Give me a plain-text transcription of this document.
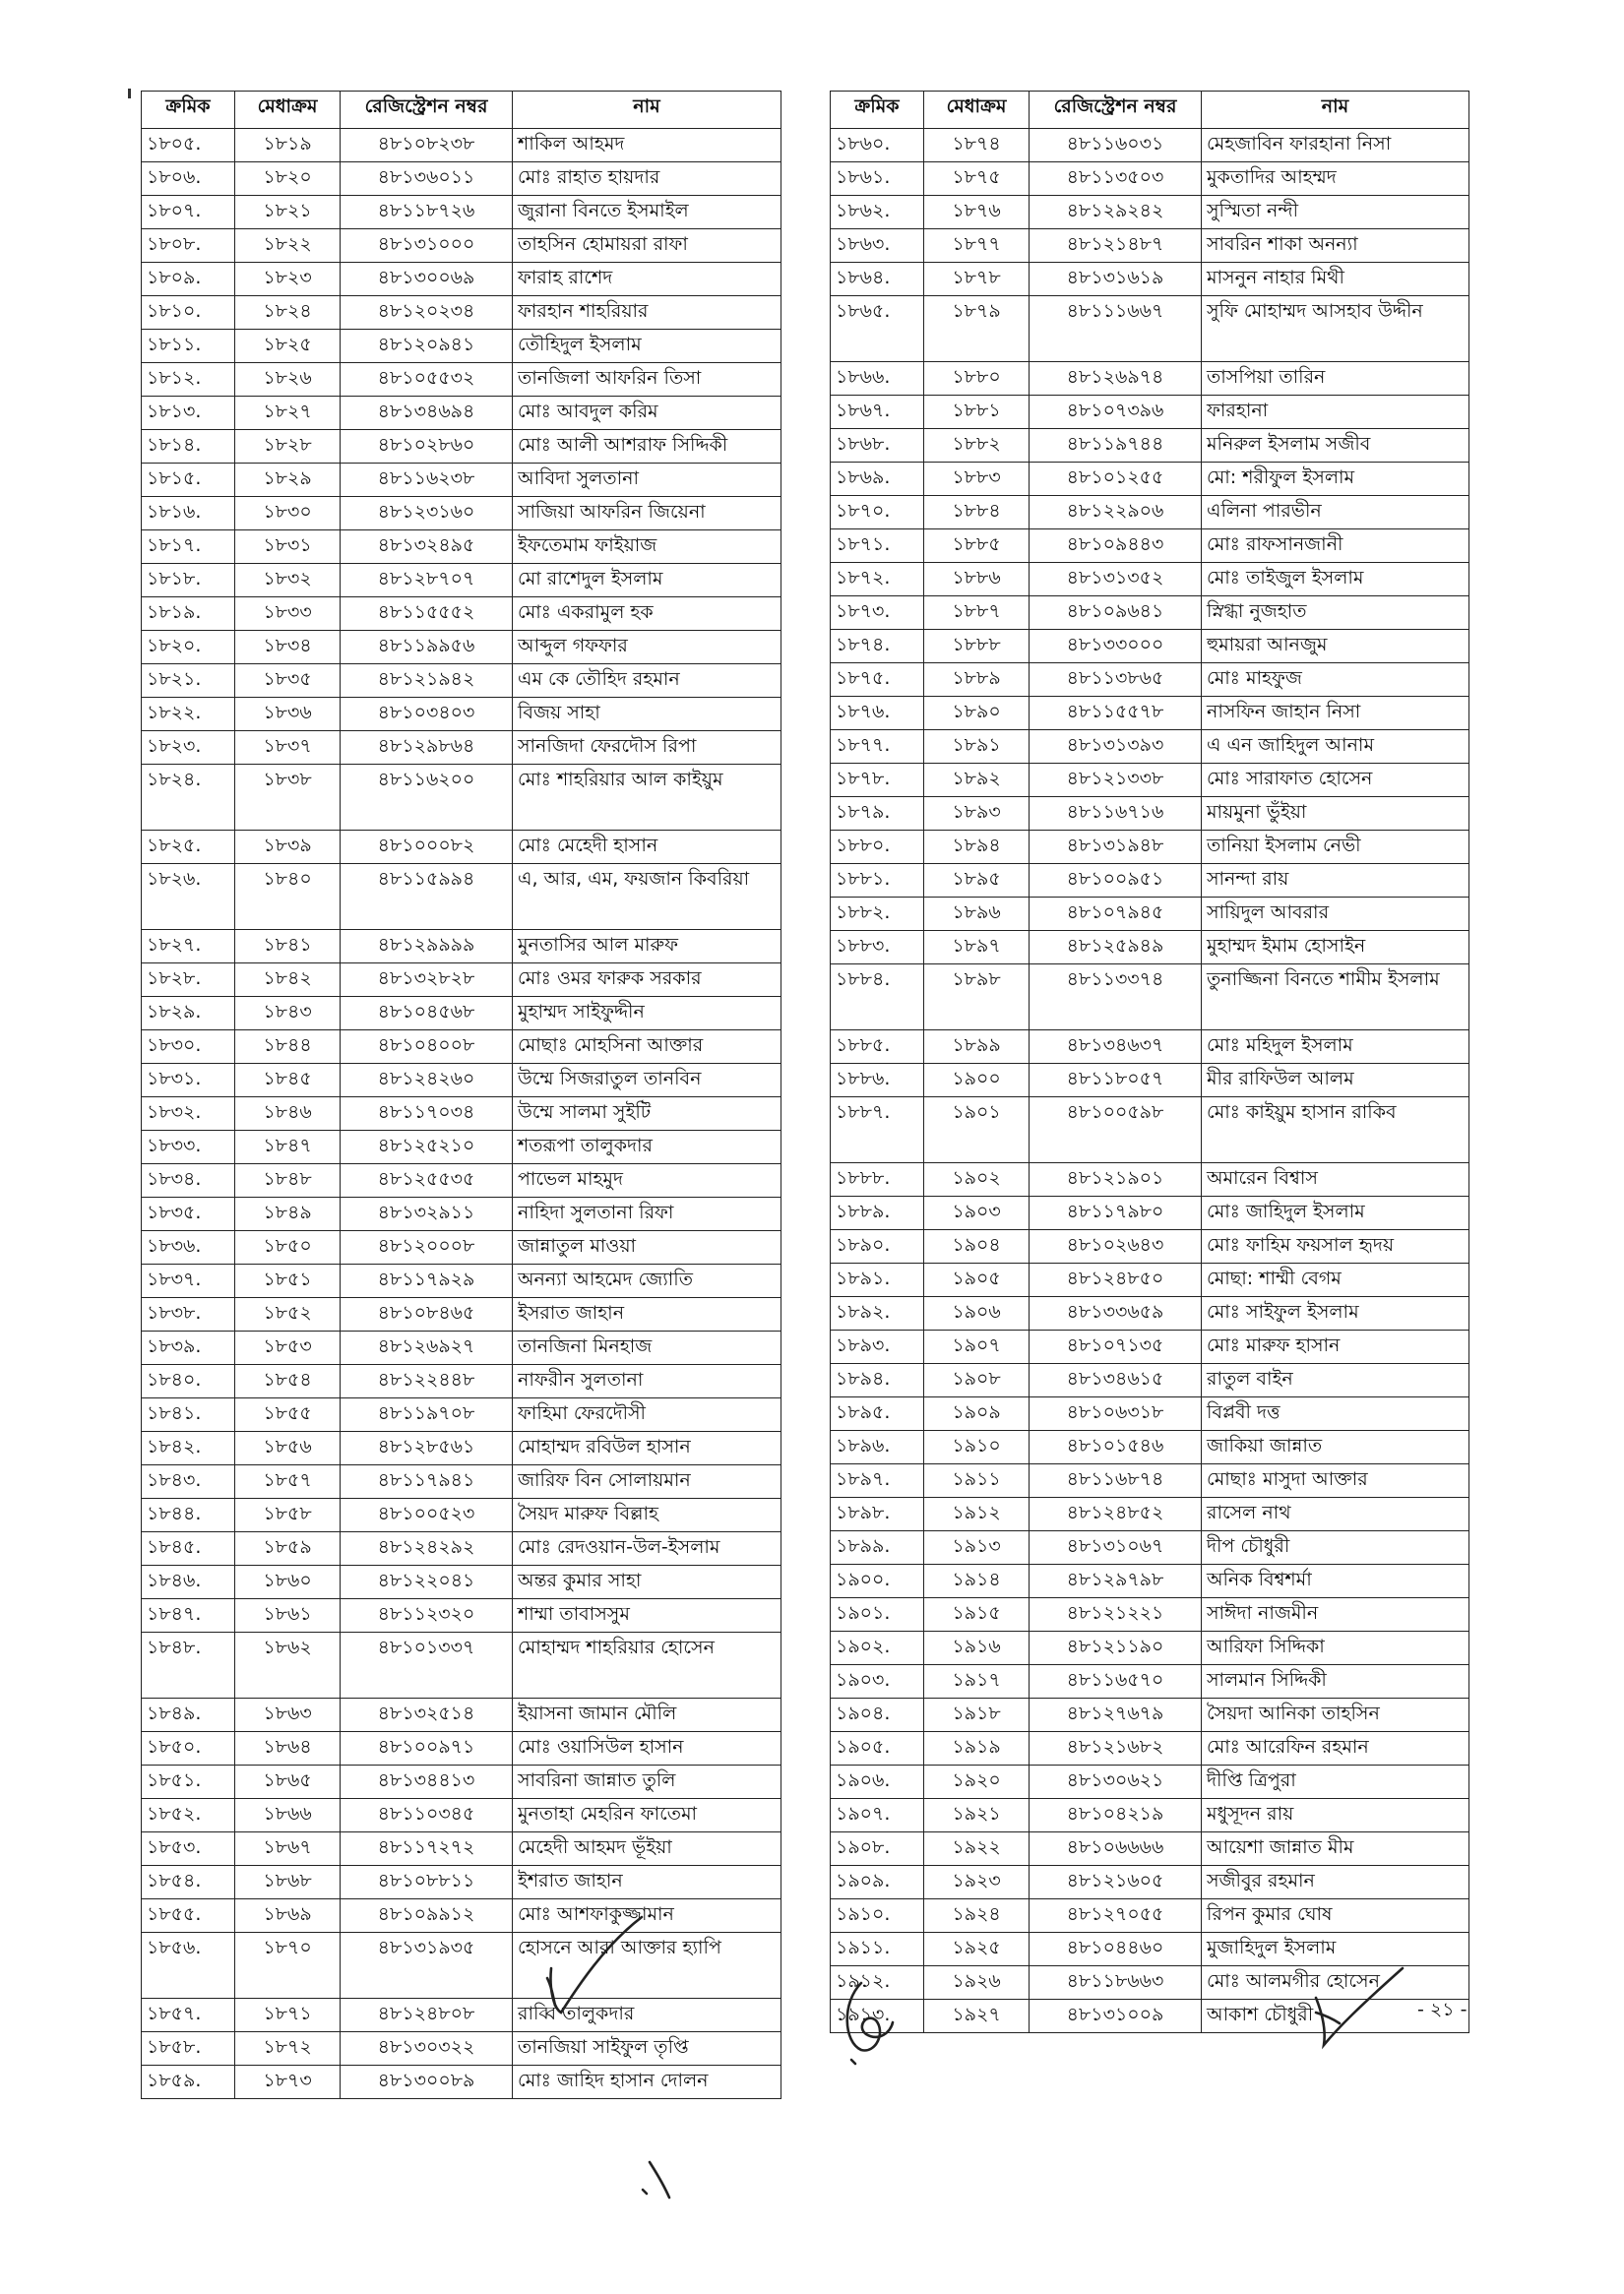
ক্রমিক	মেধাক্রম	রেজিস্ট্রেশন নম্বর	নাম
১৮০৫.	১৮১৯	৪৮১০৮২৩৮	শাকিল আহমদ
১৮০৬.	১৮২০	৪৮১৩৬০১১	মোঃ রাহাত হায়দার
১৮০৭.	১৮২১	৪৮১১৮৭২৬	জুরানা বিনতে ইসমাইল
১৮০৮.	১৮২২	৪৮১৩১০০০	তাহসিন হোমায়রা রাফা
১৮০৯.	১৮২৩	৪৮১৩০০৬৯	ফারাহ রাশেদ
১৮১০.	১৮২৪	৪৮১২০২৩৪	ফারহান শাহরিয়ার
১৮১১.	১৮২৫	৪৮১২০৯৪১	তৌহিদুল ইসলাম
১৮১২.	১৮২৬	৪৮১০৫৫৩২	তানজিলা আফরিন তিসা
১৮১৩.	১৮২৭	৪৮১৩৪৬৯৪	মোঃ আবদুল করিম
১৮১৪.	১৮২৮	৪৮১০২৮৬০	মোঃ আলী আশরাফ সিদ্দিকী
১৮১৫.	১৮২৯	৪৮১১৬২৩৮	আবিদা সুলতানা
১৮১৬.	১৮৩০	৪৮১২৩১৬০	সাজিয়া আফরিন জিয়েনা
১৮১৭.	১৮৩১	৪৮১৩২৪৯৫	ইফতেমাম ফাইয়াজ
১৮১৮.	১৮৩২	৪৮১২৮৭০৭	মো রাশেদুল ইসলাম
১৮১৯.	১৮৩৩	৪৮১১৫৫৫২	মোঃ একরামুল হক
১৮২০.	১৮৩৪	৪৮১১৯৯৫৬	আব্দুল গফফার
১৮২১.	১৮৩৫	৪৮১২১৯৪২	এম কে তৌহিদ রহমান
১৮২২.	১৮৩৬	৪৮১০৩৪০৩	বিজয় সাহা
১৮২৩.	১৮৩৭	৪৮১২৯৮৬৪	সানজিদা ফেরদৌস রিপা
১৮২৪.	১৮৩৮	৪৮১১৬২০০	মোঃ শাহরিয়ার আল কাইয়ুম
১৮২৫.	১৮৩৯	৪৮১০০০৮২	মোঃ মেহেদী হাসান
১৮২৬.	১৮৪০	৪৮১১৫৯৯৪	এ, আর, এম, ফয়জান কিবরিয়া
১৮২৭.	১৮৪১	৪৮১২৯৯৯৯	মুনতাসির আল মারুফ
১৮২৮.	১৮৪২	৪৮১৩২৮২৮	মোঃ ওমর ফারুক সরকার
১৮২৯.	১৮৪৩	৪৮১০৪৫৬৮	মুহাম্মদ সাইফুদ্দীন
১৮৩০.	১৮৪৪	৪৮১০৪০০৮	মোছাঃ মোহসিনা আক্তার
১৮৩১.	১৮৪৫	৪৮১২৪২৬০	উম্মে সিজরাতুল তানবিন
১৮৩২.	১৮৪৬	৪৮১১৭০৩৪	উম্মে সালমা সুইটি
১৮৩৩.	১৮৪৭	৪৮১২৫২১০	শতরূপা তালুকদার
১৮৩৪.	১৮৪৮	৪৮১২৫৫৩৫	পাভেল মাহমুদ
১৮৩৫.	১৮৪৯	৪৮১৩২৯১১	নাহিদা সুলতানা রিফা
১৮৩৬.	১৮৫০	৪৮১২০০০৮	জান্নাতুল মাওয়া
১৮৩৭.	১৮৫১	৪৮১১৭৯২৯	অনন্যা আহমেদ জ্যোতি
১৮৩৮.	১৮৫২	৪৮১০৮৪৬৫	ইসরাত জাহান
১৮৩৯.	১৮৫৩	৪৮১২৬৯২৭	তানজিনা মিনহাজ
১৮৪০.	১৮৫৪	৪৮১২২৪৪৮	নাফরীন সুলতানা
১৮৪১.	১৮৫৫	৪৮১১৯৭০৮	ফাহিমা ফেরদৌসী
১৮৪২.	১৮৫৬	৪৮১২৮৫৬১	মোহাম্মদ রবিউল হাসান
১৮৪৩.	১৮৫৭	৪৮১১৭৯৪১	জারিফ বিন সোলায়মান
১৮৪৪.	১৮৫৮	৪৮১০০৫২৩	সৈয়দ মারুফ বিল্লাহ
১৮৪৫.	১৮৫৯	৪৮১২৪২৯২	মোঃ রেদওয়ান-উল-ইসলাম
১৮৪৬.	১৮৬০	৪৮১২২০৪১	অন্তর কুমার সাহা
১৮৪৭.	১৮৬১	৪৮১১২৩২০	শাম্মা তাবাসসুম
১৮৪৮.	১৮৬২	৪৮১০১৩৩৭	মোহাম্মদ শাহরিয়ার হোসেন
১৮৪৯.	১৮৬৩	৪৮১৩২৫১৪	ইয়াসনা জামান মৌলি
১৮৫০.	১৮৬৪	৪৮১০০৯৭১	মোঃ ওয়াসিউল হাসান
১৮৫১.	১৮৬৫	৪৮১৩৪৪১৩	সাবরিনা জান্নাত তুলি
১৮৫২.	১৮৬৬	৪৮১১০৩৪৫	মুনতাহা মেহরিন ফাতেমা
১৮৫৩.	১৮৬৭	৪৮১১৭২৭২	মেহেদী আহমদ ভূঁইয়া
১৮৫৪.	১৮৬৮	৪৮১০৮৮১১	ইশরাত জাহান
১৮৫৫.	১৮৬৯	৪৮১০৯৯১২	মোঃ আশফাকুজ্জামান
১৮৫৬.	১৮৭০	৪৮১৩১৯৩৫	হোসনে আরা আক্তার হ্যাপি
১৮৫৭.	১৮৭১	৪৮১২৪৮০৮	রাব্বি তালুকদার
১৮৫৮.	১৮৭২	৪৮১৩০৩২২	তানজিয়া সাইফুল তৃপ্তি
১৮৫৯.	১৮৭৩	৪৮১৩০০৮৯	মোঃ জাহিদ হাসান দোলন
ক্রমিক	মেধাক্রম	রেজিস্ট্রেশন নম্বর	নাম
১৮৬০.	১৮৭৪	৪৮১১৬০৩১	মেহজাবিন ফারহানা নিসা
১৮৬১.	১৮৭৫	৪৮১১৩৫০৩	মুকতাদির আহম্মদ
১৮৬২.	১৮৭৬	৪৮১২৯২৪২	সুস্মিতা নন্দী
১৮৬৩.	১৮৭৭	৪৮১২১৪৮৭	সাবরিন শাকা অনন্যা
১৮৬৪.	১৮৭৮	৪৮১৩১৬১৯	মাসনুন নাহার মিথী
১৮৬৫.	১৮৭৯	৪৮১১১৬৬৭	সুফি মোহাম্মদ আসহাব উদ্দীন
১৮৬৬.	১৮৮০	৪৮১২৬৯৭৪	তাসপিয়া তারিন
১৮৬৭.	১৮৮১	৪৮১০৭৩৯৬	ফারহানা
১৮৬৮.	১৮৮২	৪৮১১৯৭৪৪	মনিরুল ইসলাম সজীব
১৮৬৯.	১৮৮৩	৪৮১০১২৫৫	মো: শরীফুল ইসলাম
১৮৭০.	১৮৮৪	৪৮১২২৯০৬	এলিনা পারভীন
১৮৭১.	১৮৮৫	৪৮১০৯৪৪৩	মোঃ রাফসানজানী
১৮৭২.	১৮৮৬	৪৮১৩১৩৫২	মোঃ তাইজুল ইসলাম
১৮৭৩.	১৮৮৭	৪৮১০৯৬৪১	স্নিগ্ধা নুজহাত
১৮৭৪.	১৮৮৮	৪৮১৩৩০০০	হুমায়রা আনজুম
১৮৭৫.	১৮৮৯	৪৮১১৩৮৬৫	মোঃ মাহফুজ
১৮৭৬.	১৮৯০	৪৮১১৫৫৭৮	নাসফিন জাহান নিসা
১৮৭৭.	১৮৯১	৪৮১৩১৩৯৩	এ এন জাহিদুল আনাম
১৮৭৮.	১৮৯২	৪৮১২১৩৩৮	মোঃ সারাফাত হোসেন
১৮৭৯.	১৮৯৩	৪৮১১৬৭১৬	মায়মুনা ভুঁইয়া
১৮৮০.	১৮৯৪	৪৮১৩১৯৪৮	তানিয়া ইসলাম নেভী
১৮৮১.	১৮৯৫	৪৮১০০৯৫১	সানন্দা রায়
১৮৮২.	১৮৯৬	৪৮১০৭৯৪৫	সায়িদুল আবরার
১৮৮৩.	১৮৯৭	৪৮১২৫৯৪৯	মুহাম্মদ ইমাম হোসাইন
১৮৮৪.	১৮৯৮	৪৮১১৩৩৭৪	তুনাজ্জিনা বিনতে শামীম ইসলাম
১৮৮৫.	১৮৯৯	৪৮১৩৪৬৩৭	মোঃ মহিদুল ইসলাম
১৮৮৬.	১৯০০	৪৮১১৮০৫৭	মীর রাফিউল আলম
১৮৮৭.	১৯০১	৪৮১০০৫৯৮	মোঃ কাইয়ুম হাসান রাকিব
১৮৮৮.	১৯০২	৪৮১২১৯০১	অমারেন বিশ্বাস
১৮৮৯.	১৯০৩	৪৮১১৭৯৮০	মোঃ জাহিদুল ইসলাম
১৮৯০.	১৯০৪	৪৮১০২৬৪৩	মোঃ ফাহিম ফয়সাল হৃদয়
১৮৯১.	১৯০৫	৪৮১২৪৮৫০	মোছা: শাম্মী বেগম
১৮৯২.	১৯০৬	৪৮১৩৩৬৫৯	মোঃ সাইফুল ইসলাম
১৮৯৩.	১৯০৭	৪৮১০৭১৩৫	মোঃ মারুফ হাসান
১৮৯৪.	১৯০৮	৪৮১৩৪৬১৫	রাতুল বাইন
১৮৯৫.	১৯০৯	৪৮১০৬৩১৮	বিপ্লবী দত্ত
১৮৯৬.	১৯১০	৪৮১০১৫৪৬	জাকিয়া জান্নাত
১৮৯৭.	১৯১১	৪৮১১৬৮৭৪	মোছাঃ মাসুদা আক্তার
১৮৯৮.	১৯১২	৪৮১২৪৮৫২	রাসেল নাথ
১৮৯৯.	১৯১৩	৪৮১৩১০৬৭	দীপ চৌধুরী
১৯০০.	১৯১৪	৪৮১২৯৭৯৮	অনিক বিশ্বশর্মা
১৯০১.	১৯১৫	৪৮১২১২২১	সাঈদা নাজমীন
১৯০২.	১৯১৬	৪৮১২১১৯০	আরিফা সিদ্দিকা
১৯০৩.	১৯১৭	৪৮১১৬৫৭০	সালমান সিদ্দিকী
১৯০৪.	১৯১৮	৪৮১২৭৬৭৯	সৈয়দা আনিকা তাহসিন
১৯০৫.	১৯১৯	৪৮১২১৬৮২	মোঃ আরেফিন রহমান
১৯০৬.	১৯২০	৪৮১৩০৬২১	দীপ্তি ত্রিপুরা
১৯০৭.	১৯২১	৪৮১০৪২১৯	মধুসূদন রায়
১৯০৮.	১৯২২	৪৮১০৬৬৬৬	আয়েশা জান্নাত মীম
১৯০৯.	১৯২৩	৪৮১২১৬০৫	সজীবুর রহমান
১৯১০.	১৯২৪	৪৮১২৭০৫৫	রিপন কুমার ঘোষ
১৯১১.	১৯২৫	৪৮১০৪৪৬০	মুজাহিদুল ইসলাম
১৯১২.	১৯২৬	৪৮১১৮৬৬৩	মোঃ আলমগীর হোসেন
১৯১৩.	১৯২৭	৪৮১৩১০০৯	আকাশ চৌধুরী	- ২১ -
